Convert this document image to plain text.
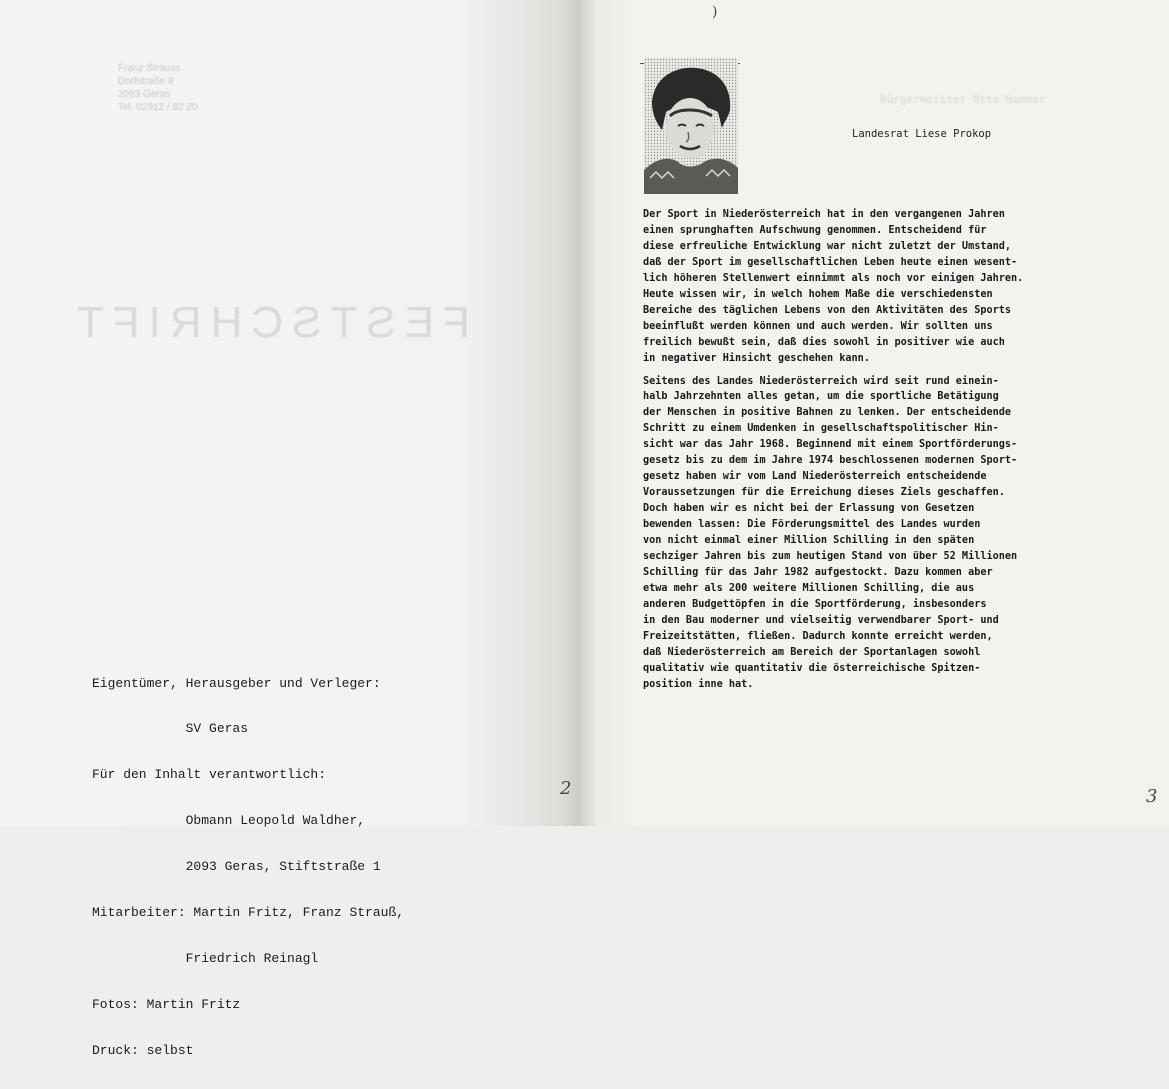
Franz Strauss
Dorfstraße 8
2093 Geras
Tel. 02912 / 82 20
FESTSCHRIFT

Eigentümer, Herausgeber und Verleger:

SV Geras

Für den Inhalt verantwortlich:

Obmann Leopold Waldher,

2093 Geras, Stiftstraße 1

Mitarbeiter: Martin Fritz, Franz Strauß,

Friedrich Reinagl

Fotos: Martin Fritz

Druck: selbst

2
)
Bürgermeister Otto Hammer
Landesrat Liese Prokop
Der Sport in Niederösterreich hat in den vergangenen Jahren
einen sprunghaften Aufschwung genommen. Entscheidend für
diese erfreuliche Entwicklung war nicht zuletzt der Umstand,
daß der Sport im gesellschaftlichen Leben heute einen wesent-
lich höheren Stellenwert einnimmt als noch vor einigen Jahren.
Heute wissen wir, in welch hohem Maße die verschiedensten
Bereiche des täglichen Lebens von den Aktivitäten des Sports
beeinflußt werden können und auch werden. Wir sollten uns
freilich bewußt sein, daß dies sowohl in positiver wie auch
in negativer Hinsicht geschehen kann.
Seitens des Landes Niederösterreich wird seit rund einein-
halb Jahrzehnten alles getan, um die sportliche Betätigung
der Menschen in positive Bahnen zu lenken. Der entscheidende
Schritt zu einem Umdenken in gesellschaftspolitischer Hin-
sicht war das Jahr 1968. Beginnend mit einem Sportförderungs-
gesetz bis zu dem im Jahre 1974 beschlossenen modernen Sport-
gesetz haben wir vom Land Niederösterreich entscheidende
Voraussetzungen für die Erreichung dieses Ziels geschaffen.
Doch haben wir es nicht bei der Erlassung von Gesetzen
bewenden lassen: Die Förderungsmittel des Landes wurden
von nicht einmal einer Million Schilling in den späten
sechziger Jahren bis zum heutigen Stand von über 52 Millionen
Schilling für das Jahr 1982 aufgestockt. Dazu kommen aber
etwa mehr als 200 weitere Millionen Schilling, die aus
anderen Budgettöpfen in die Sportförderung, insbesonders
in den Bau moderner und vielseitig verwendbarer Sport- und
Freizeitstätten, fließen. Dadurch konnte erreicht werden,
daß Niederösterreich am Bereich der Sportanlagen sowohl
qualitativ wie quantitativ die österreichische Spitzen-
position inne hat.
3
